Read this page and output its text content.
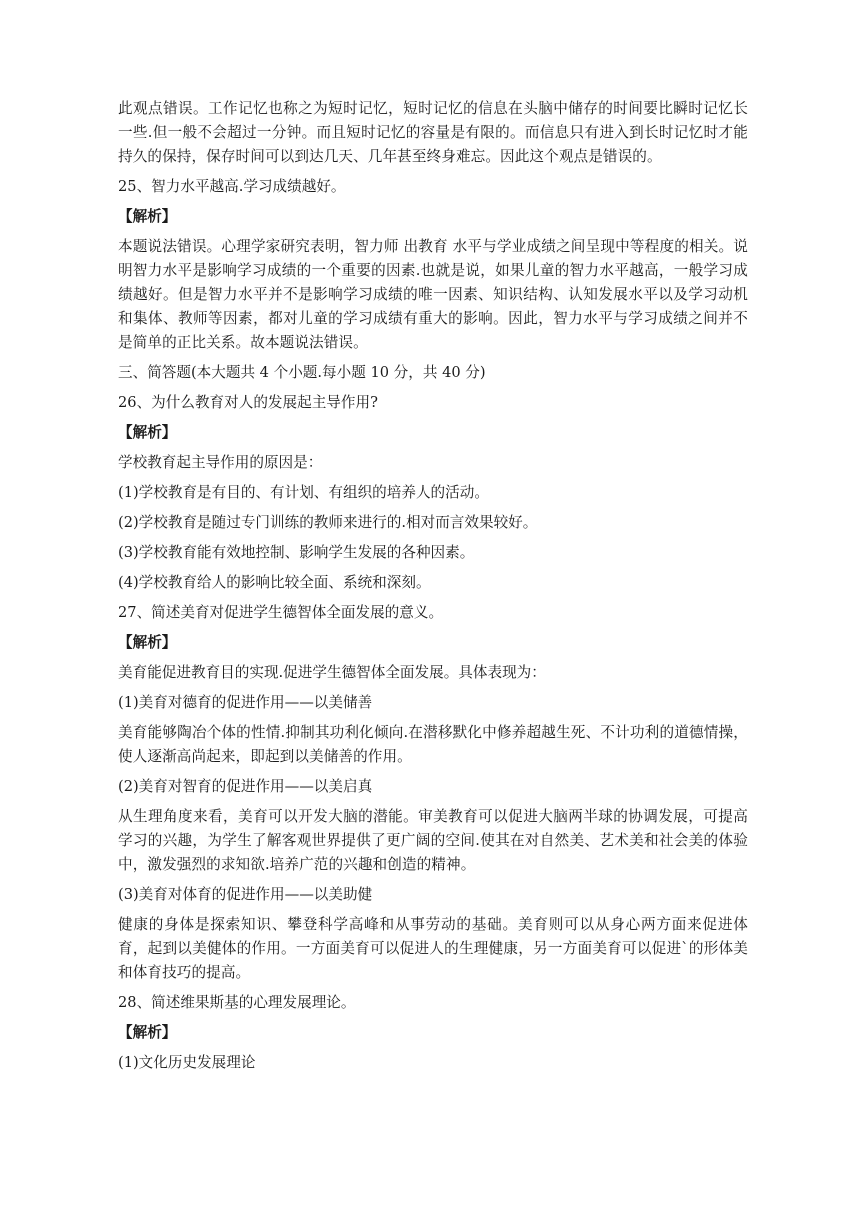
此观点错误。工作记忆也称之为短时记忆，短时记忆的信息在头脑中储存的时间要比瞬时记忆长一些.但一般不会超过一分钟。而且短时记忆的容量是有限的。而信息只有进入到长时记忆时才能持久的保持，保存时间可以到达几天、几年甚至终身难忘。因此这个观点是错误的。

25、智力水平越高.学习成绩越好。

【解析】

本题说法错误。心理学家研究表明，智力师 出教育 水平与学业成绩之间呈现中等程度的相关。说明智力水平是影响学习成绩的一个重要的因素.也就是说，如果儿童的智力水平越高，一般学习成绩越好。但是智力水平并不是影响学习成绩的唯一因素、知识结构、认知发展水平以及学习动机和集体、教师等因素，都对儿童的学习成绩有重大的影响。因此，智力水平与学习成绩之间并不是简单的正比关系。故本题说法错误。

三、简答题(本大题共 4 个小题.每小题 10 分，共 40 分)

26、为什么教育对人的发展起主导作用?

【解析】

学校教育起主导作用的原因是：

(1)学校教育是有目的、有计划、有组织的培养人的活动。

(2)学校教育是随过专门训练的教师来进行的.相对而言效果较好。

(3)学校教育能有效地控制、影响学生发展的各种因素。

(4)学校教育给人的影响比较全面、系统和深刻。

27、简述美育对促进学生德智体全面发展的意义。

【解析】

美育能促进教育目的实现.促进学生德智体全面发展。具体表现为：

(1)美育对德育的促进作用——以美储善

美育能够陶冶个体的性情.抑制其功利化倾向.在潜移默化中修养超越生死、不计功利的道德情操，使人逐渐高尚起来，即起到以美储善的作用。

(2)美育对智育的促进作用——以美启真

从生理角度来看，美育可以开发大脑的潜能。审美教育可以促进大脑两半球的协调发展，可提高学习的兴趣，为学生了解客观世界提供了更广阔的空间.使其在对自然美、艺术美和社会美的体验中，激发强烈的求知欲.培养广范的兴趣和创造的精神。

(3)美育对体育的促进作用——以美助健

健康的身体是探索知识、攀登科学高峰和从事劳动的基础。美育则可以从身心两方面来促进体育，起到以美健体的作用。一方面美育可以促进人的生理健康，另一方面美育可以促进`的形体美和体育技巧的提高。

28、简述维果斯基的心理发展理论。

【解析】

(1)文化历史发展理论
